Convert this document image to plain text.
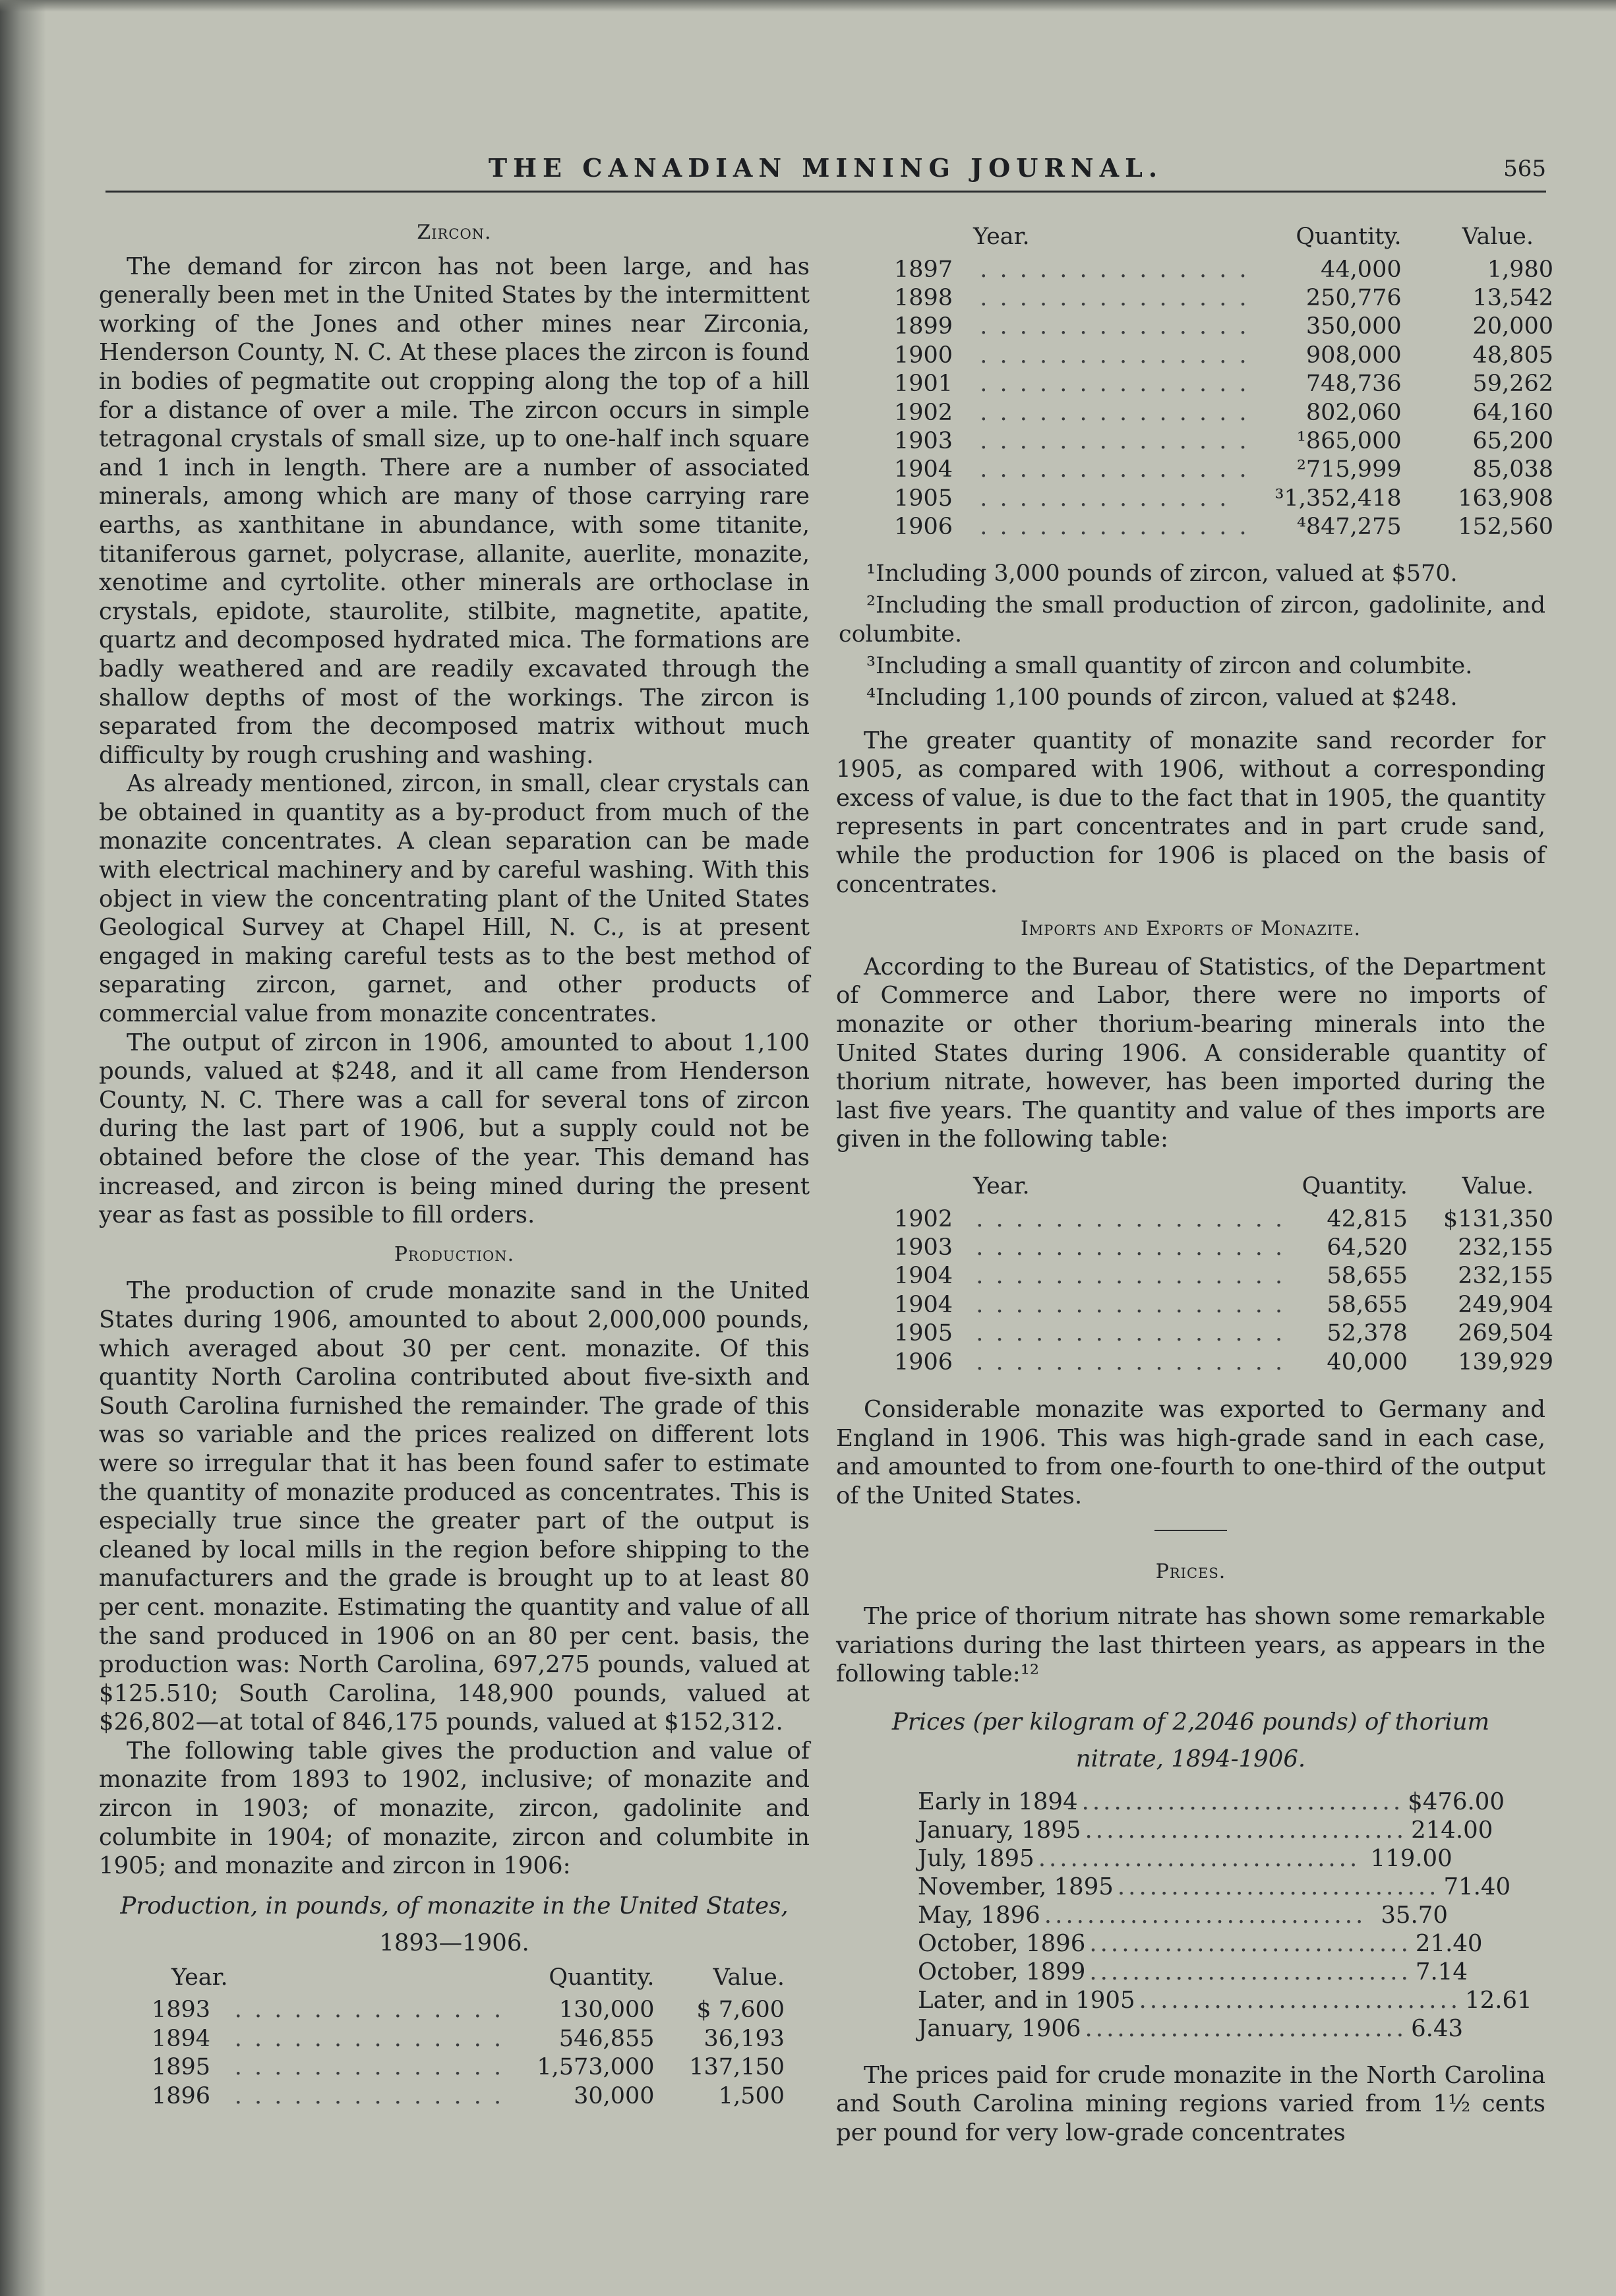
THE CANADIAN MINING JOURNAL.	565
Zircon.

The demand for zircon has not been large, and has generally been met in the United States by the intermittent working of the Jones and other mines near Zirconia, Henderson County, N. C. At these places the zircon is found in bodies of pegmatite out cropping along the top of a hill for a distance of over a mile. The zircon occurs in simple tetragonal crystals of small size, up to one-half inch square and 1 inch in length. There are a number of associated minerals, among which are many of those carrying rare earths, as xanthitane in abundance, with some titanite, titaniferous garnet, polycrase, allanite, auerlite, monazite, xenotime and cyrtolite. other minerals are orthoclase in crystals, epidote, staurolite, stilbite, magnetite, apatite, quartz and decomposed hydrated mica. The formations are badly weathered and are readily excavated through the shallow depths of most of the workings. The zircon is separated from the decomposed matrix without much difficulty by rough crushing and washing.

As already mentioned, zircon, in small, clear crystals can be obtained in quantity as a by-product from much of the monazite concentrates. A clean separation can be made with electrical machinery and by careful washing. With this object in view the concentrating plant of the United States Geological Survey at Chapel Hill, N. C., is at present engaged in making careful tests as to the best method of separating zircon, garnet, and other products of commercial value from monazite concentrates.

The output of zircon in 1906, amounted to about 1,100 pounds, valued at $248, and it all came from Henderson County, N. C. There was a call for several tons of zircon during the last part of 1906, but a supply could not be obtained before the close of the year. This demand has increased, and zircon is being mined during the present year as fast as possible to fill orders.

Production.

The production of crude monazite sand in the United States during 1906, amounted to about 2,000,000 pounds, which averaged about 30 per cent. monazite. Of this quantity North Carolina contributed about five-sixth and South Carolina furnished the remainder. The grade of this was so variable and the prices realized on different lots were so irregular that it has been found safer to estimate the quantity of monazite produced as concentrates. This is especially true since the greater part of the output is cleaned by local mills in the region before shipping to the manufacturers and the grade is brought up to at least 80 per cent. monazite. Estimating the quantity and value of all the sand produced in 1906 on an 80 per cent. basis, the production was: North Carolina, 697,275 pounds, valued at $125.510; South Carolina, 148,900 pounds, valued at $26,802—at total of 846,175 pounds, valued at $152,312.

The following table gives the production and value of monazite from 1893 to 1902, inclusive; of monazite and zircon in 1903; of monazite, zircon, gadolinite and columbite in 1904; of monazite, zircon and columbite in 1905; and monazite and zircon in 1906:

Production, in pounds, of monazite in the United States,
1893—1906.
Year.		Quantity.	Value.
1893	. . . . . . . . . . . . . .	130,000	$ 7,600
1894	. . . . . . . . . . . . . .	546,855	36,193
1895	. . . . . . . . . . . . . .	1,573,000	137,150
1896	. . . . . . . . . . . . . .	30,000	1,500
Year.		Quantity.	Value.
1897	. . . . . . . . . . . . . .	44,000	1,980
1898	. . . . . . . . . . . . . .	250,776	13,542
1899	. . . . . . . . . . . . . .	350,000	20,000
1900	. . . . . . . . . . . . . .	908,000	48,805
1901	. . . . . . . . . . . . . .	748,736	59,262
1902	. . . . . . . . . . . . . .	802,060	64,160
1903	. . . . . . . . . . . . . .	¹865,000	65,200
1904	. . . . . . . . . . . . . .	²715,999	85,038
1905	. . . . . . . . . . . . .	³1,352,418	163,908
1906	. . . . . . . . . . . . . .	⁴847,275	152,560

¹Including 3,000 pounds of zircon, valued at $570.

²Including the small production of zircon, gadolinite, and columbite.

³Including a small quantity of zircon and columbite.

⁴Including 1,100 pounds of zircon, valued at $248.

The greater quantity of monazite sand recorder for 1905, as compared with 1906, without a corresponding excess of value, is due to the fact that in 1905, the quantity represents in part concentrates and in part crude sand, while the production for 1906 is placed on the basis of concentrates.

Imports and Exports of Monazite.

According to the Bureau of Statistics, of the Department of Commerce and Labor, there were no imports of monazite or other thorium-bearing minerals into the United States during 1906. A considerable quantity of thorium nitrate, however, has been imported during the last five years. The quantity and value of thes imports are given in the following table:

Year.		Quantity.	Value.
1902	. . . . . . . . . . . . . . . .	42,815	$131,350
1903	. . . . . . . . . . . . . . . .	64,520	232,155
1904	. . . . . . . . . . . . . . . .	58,655	232,155
1904	. . . . . . . . . . . . . . . .	58,655	249,904
1905	. . . . . . . . . . . . . . . .	52,378	269,504
1906	. . . . . . . . . . . . . . . .	40,000	139,929

Considerable monazite was exported to Germany and England in 1906. This was high-grade sand in each case, and amounted to from one-fourth to one-third of the output of the United States.

Prices.

The price of thorium nitrate has shown some remarkable variations during the last thirteen years, as appears in the following table:¹²

Prices (per kilogram of 2,2046 pounds) of thorium
nitrate, 1894-1906.
Early in 1894 .............................. $476.00
January, 1895 .............................. 214.00
July, 1895 .............................. 119.00
November, 1895 .............................. 71.40
May, 1896 .............................. 35.70
October, 1896 .............................. 21.40
October, 1899 .............................. 7.14
Later, and in 1905 .............................. 12.61
January, 1906 .............................. 6.43

The prices paid for crude monazite in the North Carolina and South Carolina mining regions varied from 1½ cents per pound for very low-grade concentrates
